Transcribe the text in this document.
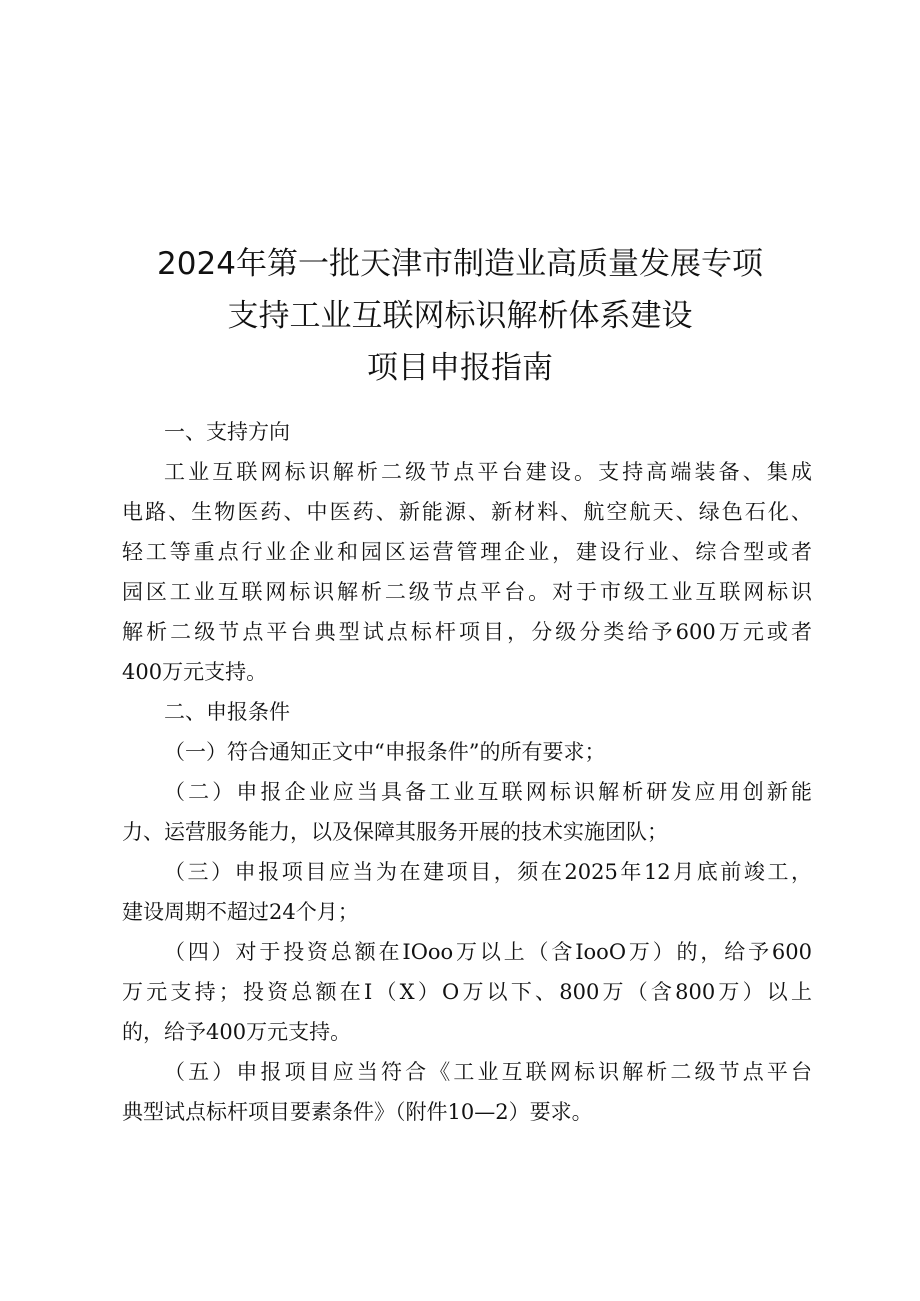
2024年第一批天津市制造业高质量发展专项
支持工业互联网标识解析体系建设
项目申报指南
一、支持方向
工业互联网标识解析二级节点平台建设。支持高端装备、集成
电路、生物医药、中医药、新能源、新材料、航空航天、绿色石化、
轻工等重点行业企业和园区运营管理企业，建设行业、综合型或者
园区工业互联网标识解析二级节点平台。对于市级工业互联网标识
解析二级节点平台典型试点标杆项目，分级分类给予600万元或者
400万元支持。
二、申报条件
（一）符合通知正文中“申报条件”的所有要求；
（二）申报企业应当具备工业互联网标识解析研发应用创新能
力、运营服务能力，以及保障其服务开展的技术实施团队；
（三）申报项目应当为在建项目，须在2025年12月底前竣工，
建设周期不超过24个月；
（四）对于投资总额在IOoo万以上（含IooO万）的，给予600
万元支持；投资总额在I（X）O万以下、800万（含800万）以上
的，给予400万元支持。
（五）申报项目应当符合《工业互联网标识解析二级节点平台
典型试点标杆项目要素条件》（附件10—2）要求。
